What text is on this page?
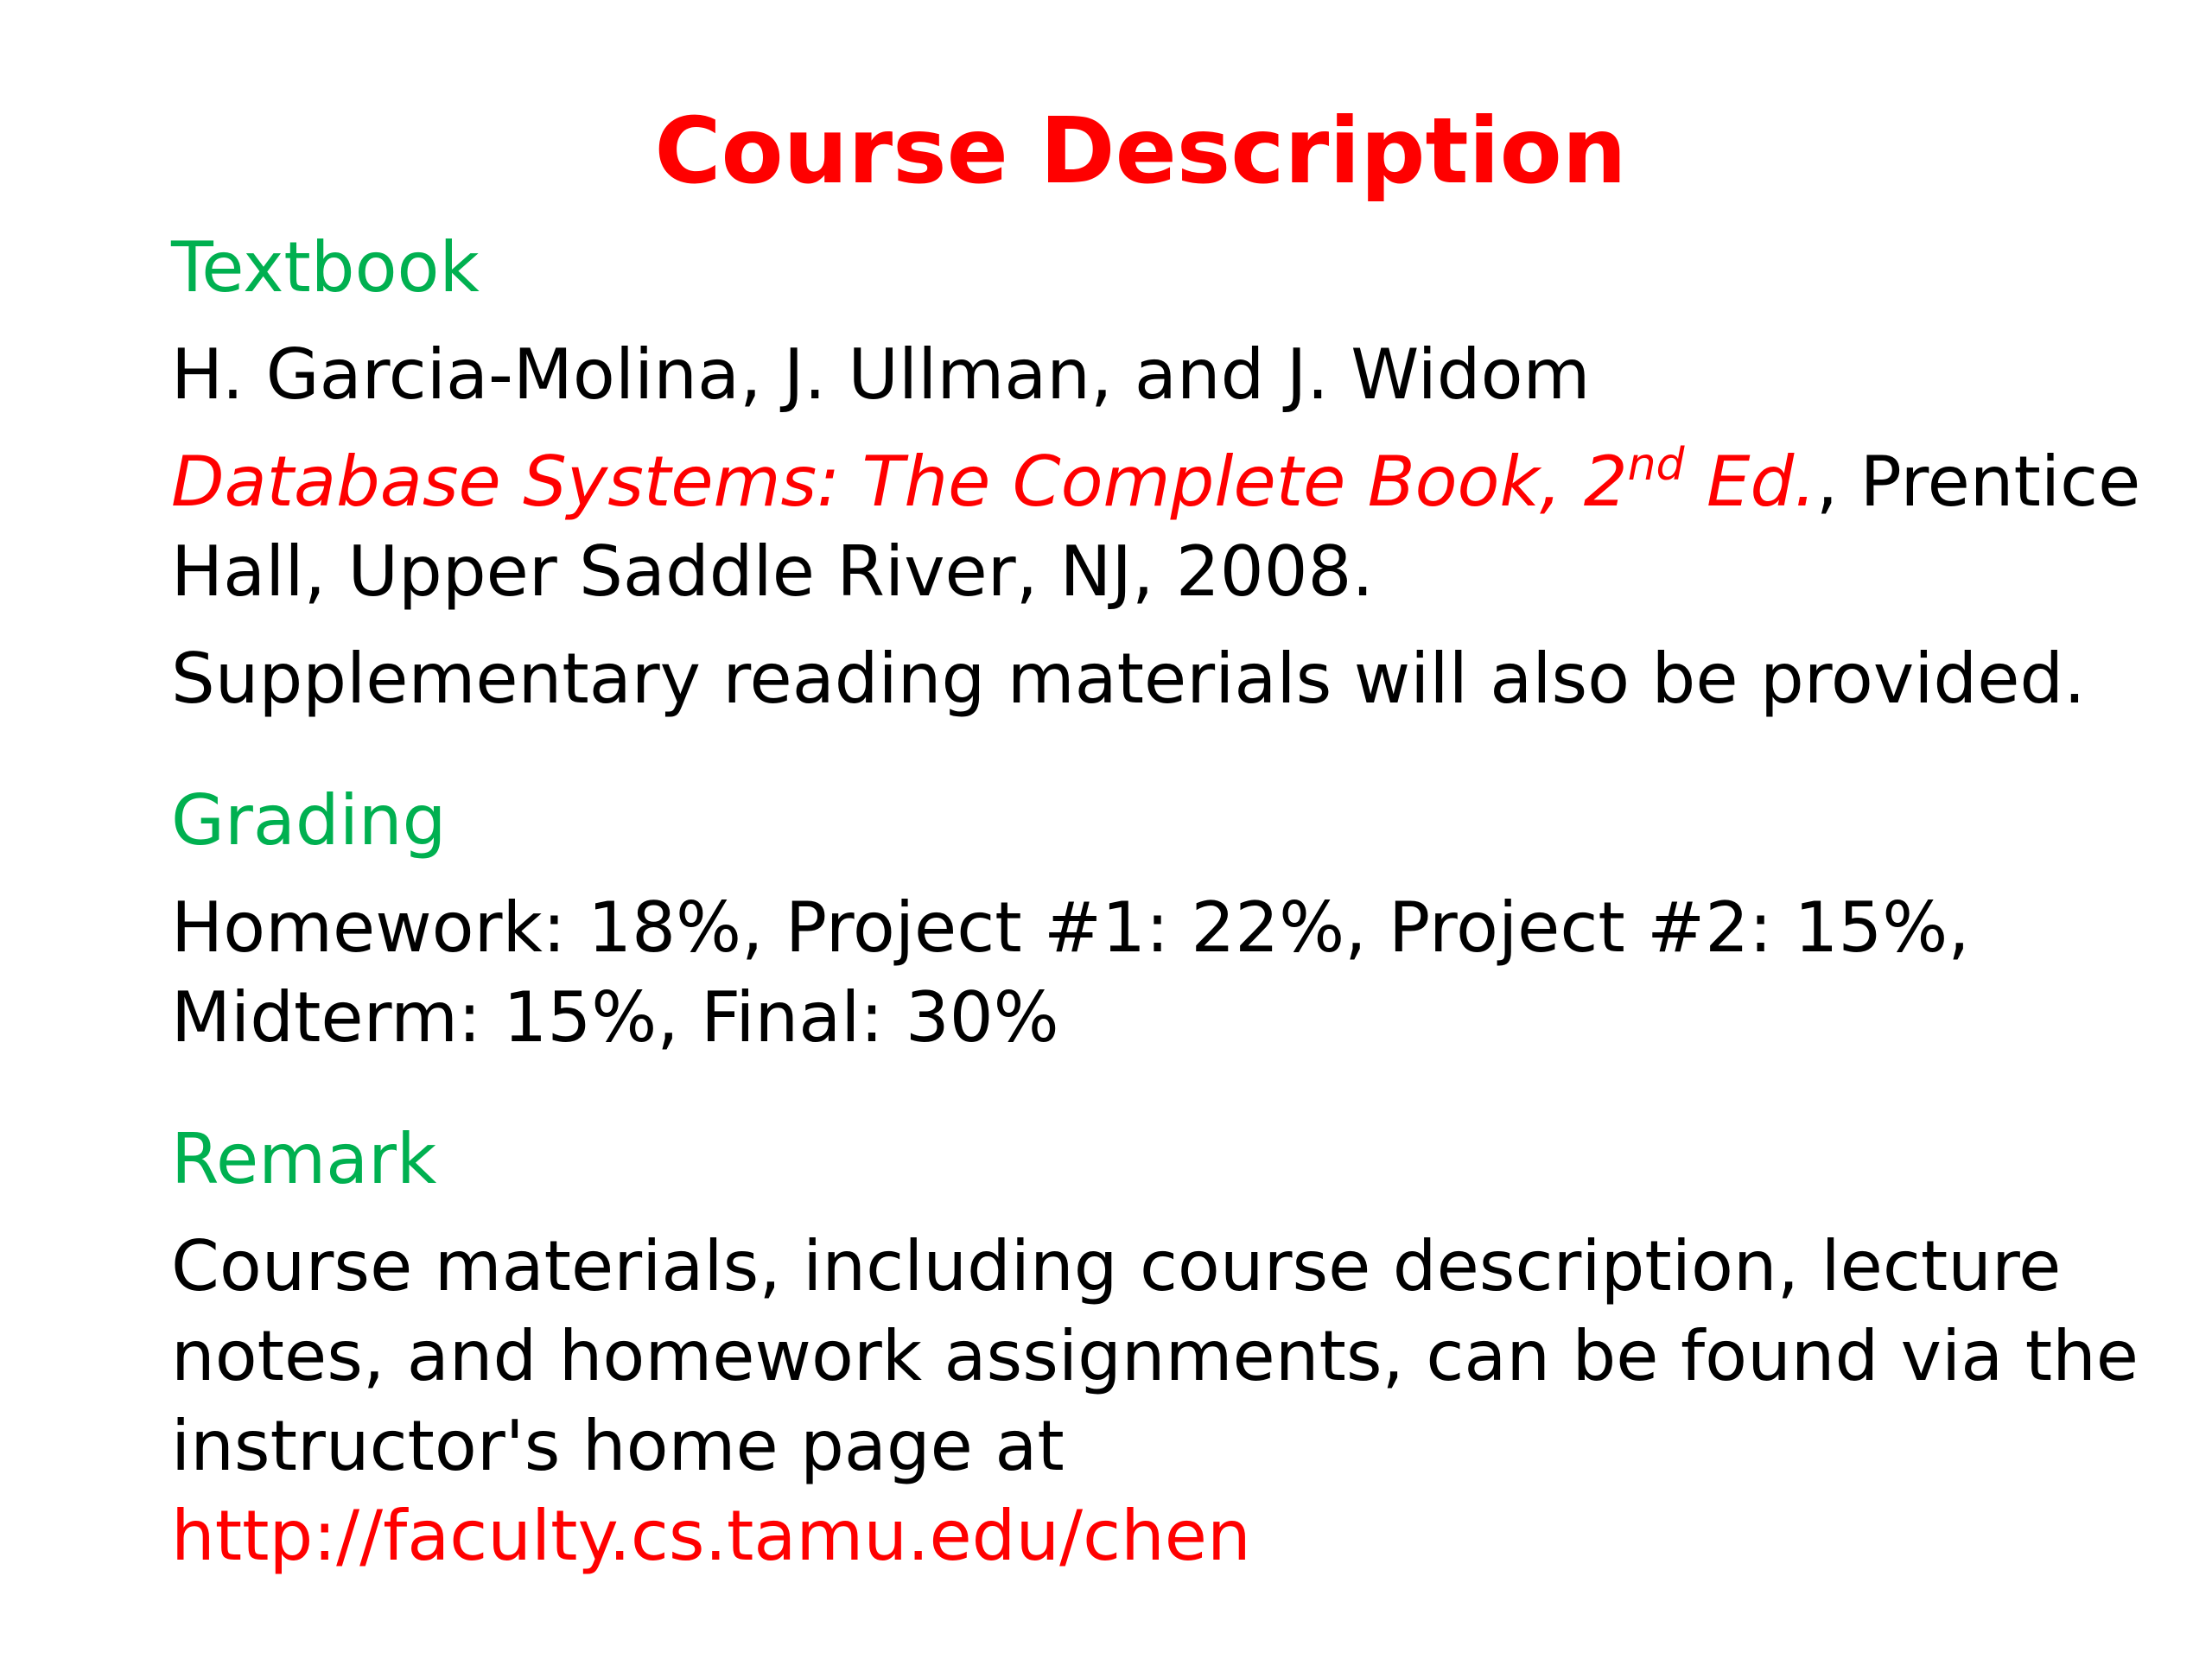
Course Description

Textbook

H. Garcia-Molina, J. Ullman, and J. Widom

Database Systems: The Complete Book, 2nd Ed., Prentice Hall, Upper Saddle River, NJ, 2008.

Supplementary reading materials will also be provided.

Grading

Homework: 18%, Project #1: 22%, Project #2: 15%, Midterm: 15%, Final: 30%

Remark

Course materials, including course description, lecture notes, and homework assignments, can be found via the instructor's home page at http://faculty.cs.tamu.edu/chen
